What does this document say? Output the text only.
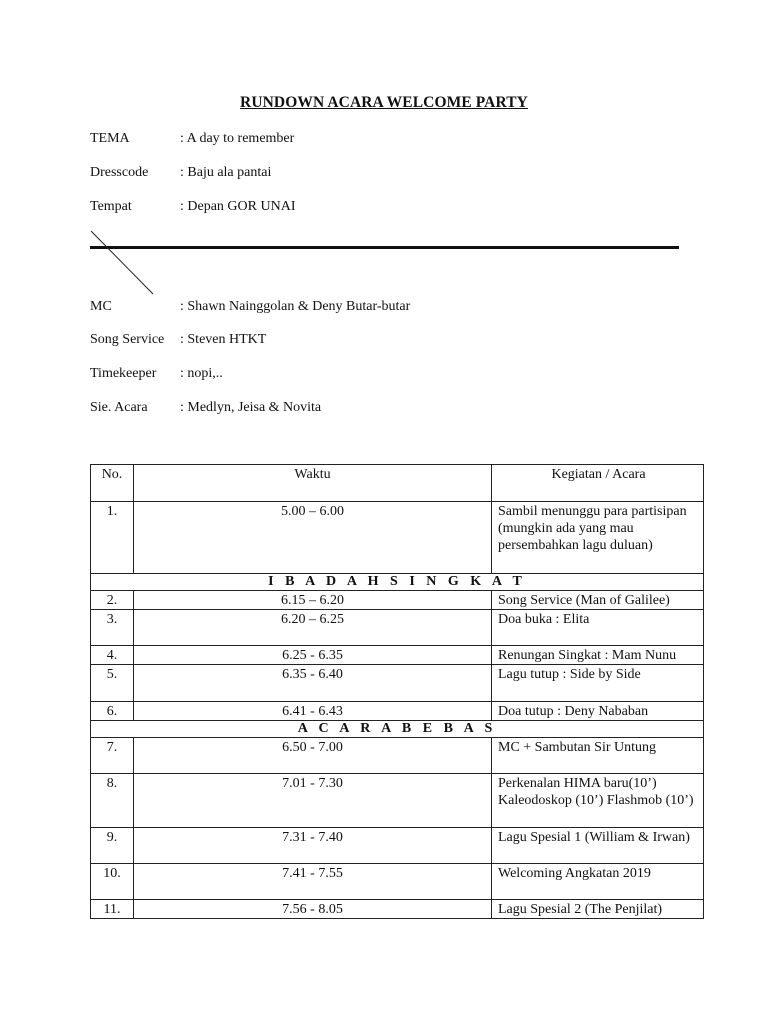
RUNDOWN ACARA WELCOME PARTY
TEMA	: A day to remember
Dresscode : Baju ala pantai
Tempat	: Depan GOR UNAI
MC	: Shawn Nainggolan & Deny Butar-butar
Song Service : Steven HTKT
Timekeeper : nopi,..
Sie. Acara : Medlyn, Jeisa & Novita
No.	Waktu	Kegiatan / Acara
1.	5.00 – 6.00	Sambil menunggu para partisipan (mungkin ada yang mau persembahkan lagu duluan)
I B A D A H S I N G K A T		
2.	6.15 – 6.20	Song Service (Man of Galilee)
3.	6.20 – 6.25	Doa buka : Elita
4.	6.25 - 6.35	Renungan Singkat : Mam Nunu
5.	6.35 - 6.40	Lagu tutup : Side by Side
6.	6.41 - 6.43	Doa tutup : Deny Nababan
A C A R A B E B A S		
7.	6.50 - 7.00	MC + Sambutan Sir Untung
8.	7.01 - 7.30	Perkenalan HIMA baru(10’) Kaleodoskop (10’) Flashmob (10’)
9.	7.31 - 7.40	Lagu Spesial 1 (William & Irwan)
10.	7.41 - 7.55	Welcoming Angkatan 2019
11.	7.56 - 8.05	Lagu Spesial 2 (The Penjilat)
